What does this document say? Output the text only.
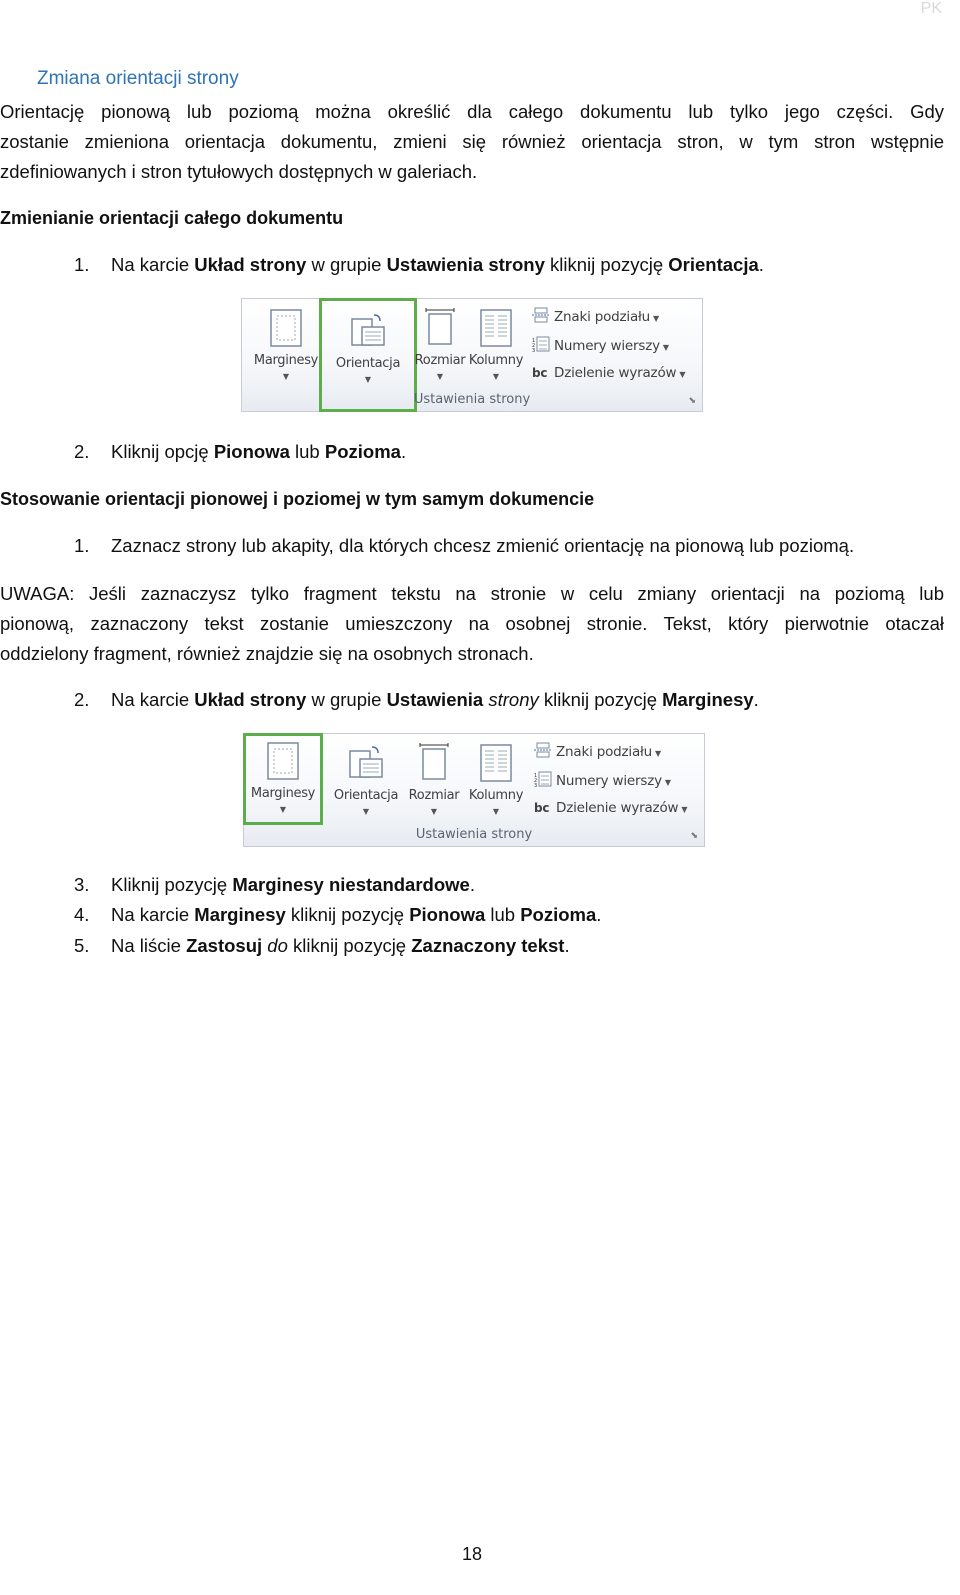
PK
Zmiana orientacji strony
Orientację pionową lub poziomą można określić dla całego dokumentu lub tylko jego części. Gdy
zostanie zmieniona orientacja dokumentu, zmieni się również orientacja stron, w tym stron wstępnie
zdefiniowanych i stron tytułowych dostępnych w galeriach.
Zmienianie orientacji całego dokumentu
1. Na karcie Układ strony w grupie Ustawienia strony kliknij pozycję Orientacja.
Marginesy
▼
Orientacja
▼
Rozmiar
▼
Kolumny
▼
Znaki podziału ▼
1
2
3 Numery wierszy ▼
bc Dzielenie wyrazów ▼
Ustawienia strony	⬊
2. Kliknij opcję Pionowa lub Pozioma.
Stosowanie orientacji pionowej i poziomej w tym samym dokumencie
1. Zaznacz strony lub akapity, dla których chcesz zmienić orientację na pionową lub poziomą.
UWAGA: Jeśli zaznaczysz tylko fragment tekstu na stronie w celu zmiany orientacji na poziomą lub
pionową, zaznaczony tekst zostanie umieszczony na osobnej stronie. Tekst, który pierwotnie otaczał
oddzielony fragment, również znajdzie się na osobnych stronach.
2. Na karcie Układ strony w grupie Ustawienia strony kliknij pozycję Marginesy.
Marginesy
▼
Orientacja
▼
Rozmiar
▼
Kolumny
▼
Znaki podziału ▼
1
2
3 Numery wierszy ▼
bc Dzielenie wyrazów ▼
Ustawienia strony	⬊
3. Kliknij pozycję Marginesy niestandardowe.
4. Na karcie Marginesy kliknij pozycję Pionowa lub Pozioma.
5. Na liście Zastosuj do kliknij pozycję Zaznaczony tekst.
18
